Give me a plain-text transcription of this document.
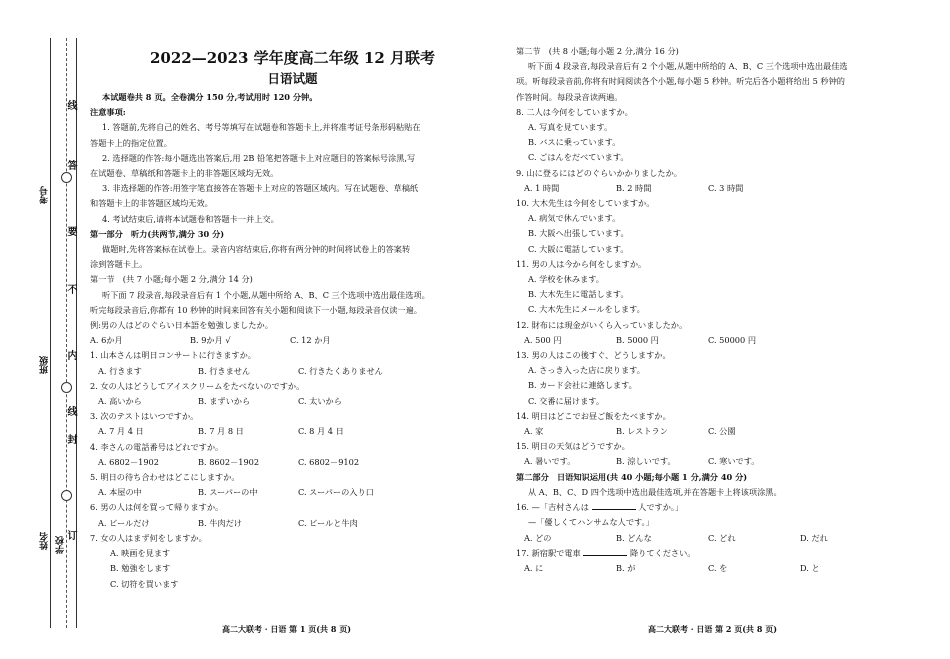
线
答
要
不
内
线
封
订
考号
班级
姓名 学校
2022—2023 学年度高二年级 12 月联考
日语试题

本试题卷共 8 页。全卷满分 150 分,考试用时 120 分钟。

注意事项:

1. 答题前,先将自己的姓名、考号等填写在试题卷和答题卡上,并将准考证号条形码粘贴在

答题卡上的指定位置。

2. 选择题的作答:每小题选出答案后,用 2B 铅笔把答题卡上对应题目的答案标号涂黑,写

在试题卷、草稿纸和答题卡上的非答题区域均无效。

3. 非选择题的作答:用签字笔直接答在答题卡上对应的答题区域内。写在试题卷、草稿纸

和答题卡上的非答题区域均无效。

4. 考试结束后,请将本试题卷和答题卡一并上交。

第一部分　听力(共两节,满分 30 分)

做题时,先将答案标在试卷上。录音内容结束后,你将有两分钟的时间将试卷上的答案转

涂到答题卡上。

第一节　(共 7 小题;每小题 2 分,满分 14 分)

听下面 7 段录音,每段录音后有 1 个小题,从题中所给 A、B、C 三个选项中选出最佳选项。

听完每段录音后,你都有 10 秒钟的时间来回答有关小题和阅读下一小题,每段录音仅读一遍。

例:男の人はどのぐらい日本語を勉強しましたか。

A. 6か月	B. 9か月 √	C. 12 か月

1. 山本さんは明日コンサートに行きますか。

A. 行きます	B. 行きません	C. 行きたくありません

2. 女の人はどうしてアイスクリームをたべないのですか。

A. 高いから	B. まずいから	C. 太いから

3. 次のテストはいつですか。

A. 7 月 4 日	B. 7 月 8 日	C. 8 月 4 日

4. 李さんの電話番号はどれですか。

A. 6802－1902	B. 8602－1902	C. 6802－9102

5. 明日の待ち合わせはどこにしますか。

A. 本屋の中	B. スーパーの中	C. スーパーの入り口

6. 男の人は何を買って帰りますか。

A. ビールだけ	B. 牛肉だけ	C. ビールと牛肉

7. 女の人はまず何をしますか。

A. 映画を見ます

B. 勉強をします

C. 切符を買います

高二大联考 · 日语 第 1 页(共 8 页)

第二节　(共 8 小题;每小题 2 分,满分 16 分)

听下面 4 段录音,每段录音后有 2 个小题,从题中所给的 A、B、C 三个选项中选出最佳选

项。听每段录音前,你将有时间阅读各个小题,每小题 5 秒钟。听完后各小题将给出 5 秒钟的

作答时间。每段录音读两遍。

8. 二人は今何をしていますか。

A. 写真を見ています。

B. バスに乗っています。

C. ごはんをだべています。

9. 山に登るにはどのぐらいかかりましたか。

A. 1 時間	B. 2 時間	C. 3 時間

10. 大木先生は今何をしていますか。

A. 病気で休んでいます。

B. 大阪へ出張しています。

C. 大阪に電話しています。

11. 男の人は今から何をしますか。

A. 学校を休みます。

B. 大木先生に電話します。

C. 大木先生にメールをします。

12. 財布には現金がいくら入っていましたか。

A. 500 円	B. 5000 円	C. 50000 円

13. 男の人はこの後すぐ、どうしますか。

A. さっき入った店に戻ります。

B. カード会社に連絡します。

C. 交番に届けます。

14. 明日はどこでお昼ご飯をたべますか。

A. 家	B. レストラン	C. 公園

15. 明日の天気はどうですか。

A. 暑いです。	B. 涼しいです。	C. 寒いです。

第二部分　日语知识运用(共 40 小题;每小题 1 分,满分 40 分)

从 A、B、C、D 四个选项中选出最佳选项,并在答题卡上将该项涂黑。

16. —「吉村さんは	人ですか。」

—「優しくてハンサムな人です。」

A. どの	B. どんな	C. どれ	D. だれ

17. 新宿駅で電車	降りてください。

A. に	B. が	C. を	D. と

高二大联考 · 日语 第 2 页(共 8 页)
